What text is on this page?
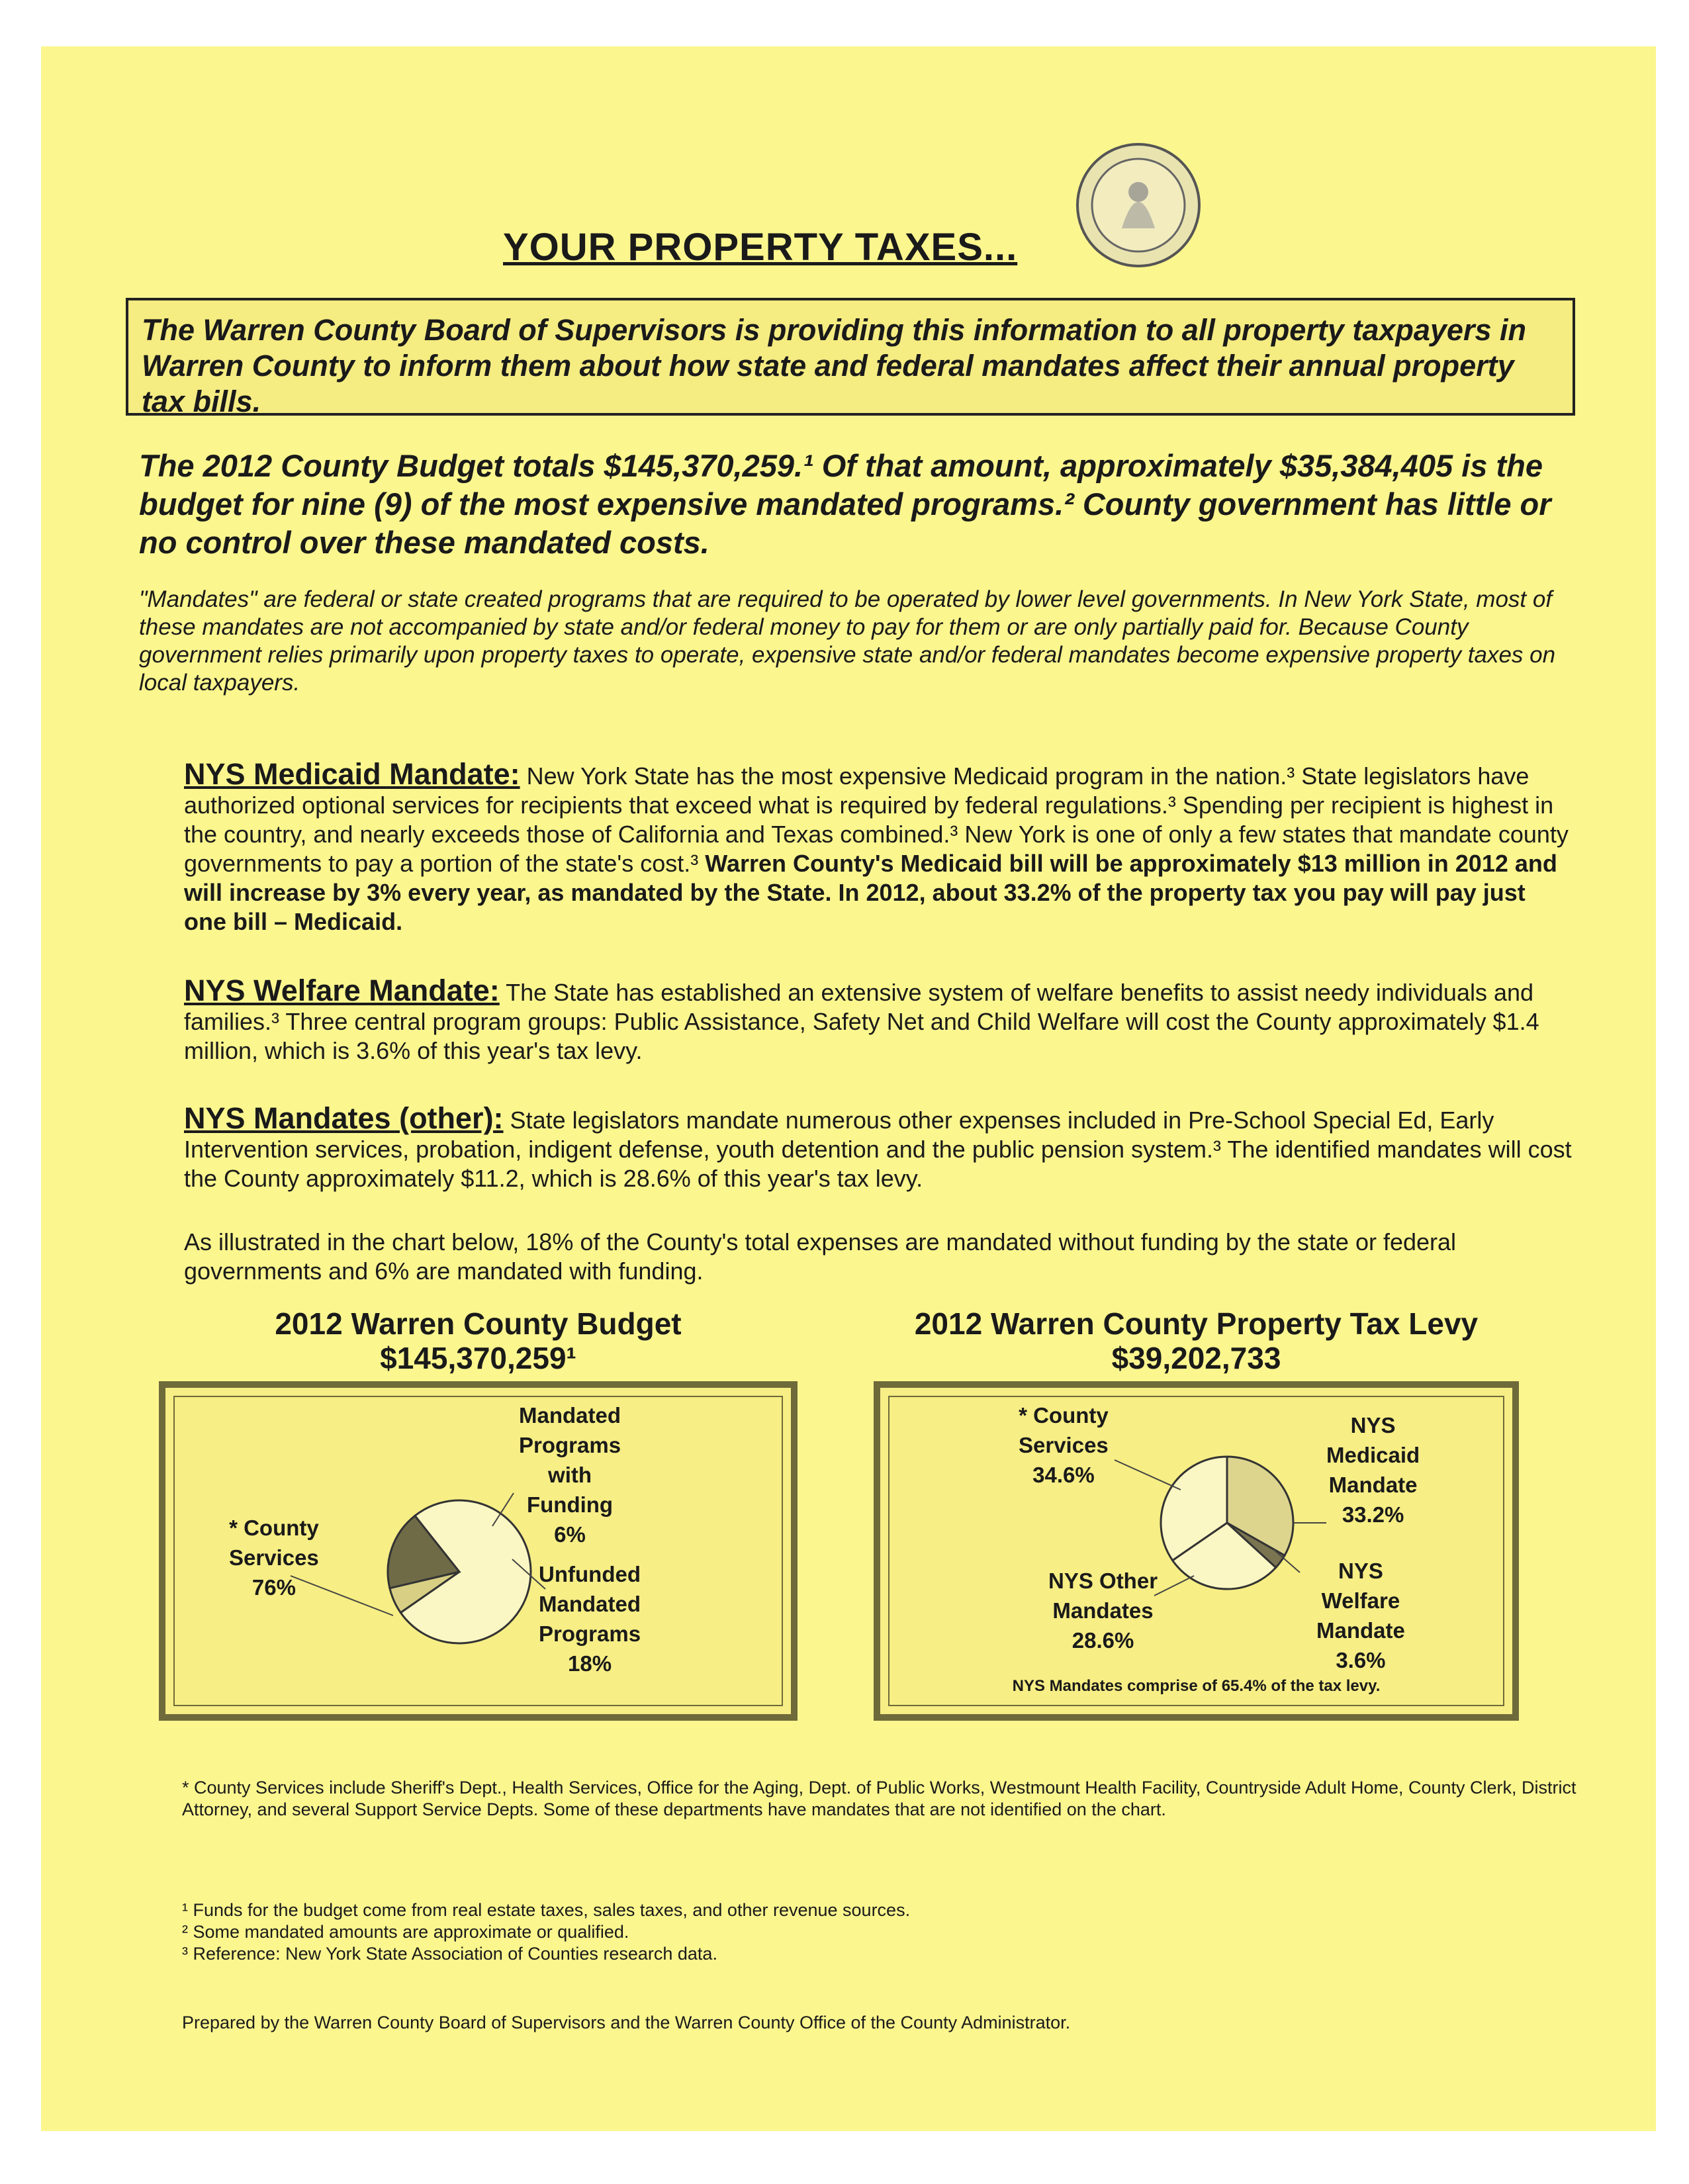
YOUR PROPERTY TAXES...
The Warren County Board of Supervisors is providing this information to all property taxpayers in Warren County to inform them about how state and federal mandates affect their annual property tax bills.
The 2012 County Budget totals $145,370,259.¹ Of that amount, approximately $35,384,405 is the budget for nine (9) of the most expensive mandated programs.² County government has little or no control over these mandated costs.
"Mandates" are federal or state created programs that are required to be operated by lower level governments. In New York State, most of these mandates are not accompanied by state and/or federal money to pay for them or are only partially paid for. Because County government relies primarily upon property taxes to operate, expensive state and/or federal mandates become expensive property taxes on local taxpayers.
NYS Medicaid Mandate: New York State has the most expensive Medicaid program in the nation.³ State legislators have authorized optional services for recipients that exceed what is required by federal regulations.³ Spending per recipient is highest in the country, and nearly exceeds those of California and Texas combined.³ New York is one of only a few states that mandate county governments to pay a portion of the state's cost.³ Warren County's Medicaid bill will be approximately $13 million in 2012 and will increase by 3% every year, as mandated by the State. In 2012, about 33.2% of the property tax you pay will pay just one bill – Medicaid.
NYS Welfare Mandate: The State has established an extensive system of welfare benefits to assist needy individuals and families.³ Three central program groups: Public Assistance, Safety Net and Child Welfare will cost the County approximately $1.4 million, which is 3.6% of this year's tax levy.
NYS Mandates (other): State legislators mandate numerous other expenses included in Pre-School Special Ed, Early Intervention services, probation, indigent defense, youth detention and the public pension system.³ The identified mandates will cost the County approximately $11.2, which is 28.6% of this year's tax levy.
As illustrated in the chart below, 18% of the County's total expenses are mandated without funding by the state or federal governments and 6% are mandated with funding.
2012 Warren County Budget
$145,370,259¹
* County
Services
76%
Mandated
Programs
with
Funding
6%
Unfunded
Mandated
Programs
18%
2012 Warren County Property Tax Levy
$39,202,733
* County
Services
34.6%
NYS
Medicaid
Mandate
33.2%
NYS
Welfare
Mandate
3.6%
NYS Other
Mandates
28.6%
NYS Mandates comprise of 65.4% of the tax levy.
* County Services include Sheriff's Dept., Health Services, Office for the Aging, Dept. of Public Works, Westmount Health Facility, Countryside Adult Home, County Clerk, District Attorney, and several Support Service Depts. Some of these departments have mandates that are not identified on the chart.
¹ Funds for the budget come from real estate taxes, sales taxes, and other revenue sources.
² Some mandated amounts are approximate or qualified.
³ Reference: New York State Association of Counties research data.
Prepared by the Warren County Board of Supervisors and the Warren County Office of the County Administrator.
